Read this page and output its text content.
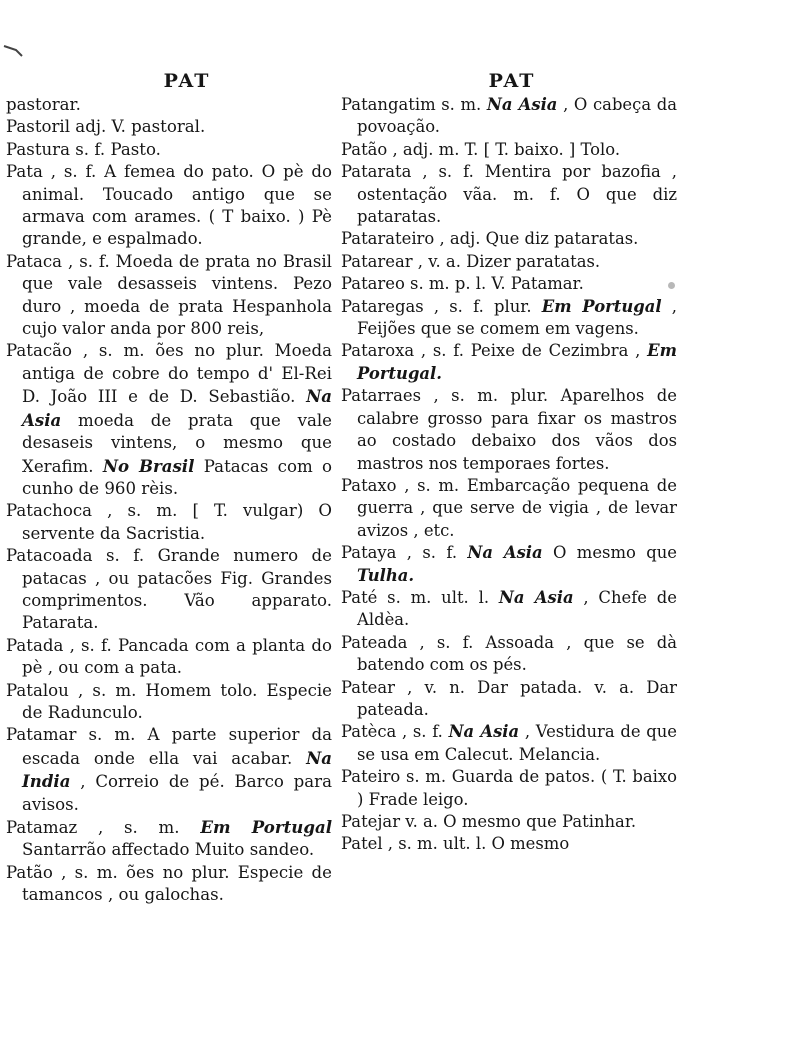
PAT

pastorar.

Pastoril adj. V. pastoral.

Pastura s. f. Pasto.

Pata , s. f. A femea do pato. O pè do animal. Toucado antigo que se armava com arames. ( T baixo. ) Pè grande, e espalmado.

Pataca , s. f. Moeda de prata no Brasil que vale desasseis vintens. Pezo duro , moeda de prata Hespanhola cujo valor anda por 800 reis,

Patacão , s. m. ões no plur. Moeda antiga de cobre do tempo d' El-Rei D. João III e de D. Sebastião. Na Asia moeda de prata que vale desaseis vintens, o mesmo que Xerafim. No Brasil Patacas com o cunho de 960 rèis.

Patachoca , s. m. [ T. vulgar) O servente da Sacristia.

Patacoada s. f. Grande numero de patacas , ou patacões Fig. Grandes comprimentos. Vão apparato. Patarata.

Patada , s. f. Pancada com a planta do pè , ou com a pata.

Patalou , s. m. Homem tolo. Especie de Radunculo.

Patamar s. m. A parte superior da escada onde ella vai acabar. Na India , Correio de pé. Barco para avisos.

Patamaz , s. m. Em Portugal Santarrão affectado Muito sandeo.

Patão , s. m. ões no plur. Especie de tamancos , ou galochas.

PAT

Patangatim s. m. Na Asia , O cabeça da povoação.

Patão , adj. m. T. [ T. baixo. ] Tolo.

Patarata , s. f. Mentira por bazofia , ostentação vãa. m. f. O que diz pataratas.

Patarateiro , adj. Que diz pataratas.

Patarear , v. a. Dizer paratatas.

Patareo s. m. p. l. V. Patamar.

Pataregas , s. f. plur. Em Portugal , Feijões que se comem em vagens.

Pataroxa , s. f. Peixe de Cezimbra , Em Portugal.

Patarraes , s. m. plur. Aparelhos de calabre grosso para fixar os mastros ao costado debaixo dos vãos dos mastros nos temporaes fortes.

Pataxo , s. m. Embarcação pequena de guerra , que serve de vigia , de levar avizos , etc.

Pataya , s. f. Na Asia O mesmo que Tulha.

Paté s. m. ult. l. Na Asia , Chefe de Aldèa.

Pateada , s. f. Assoada , que se dà batendo com os pés.

Patear , v. n. Dar patada. v. a. Dar pateada.

Patèca , s. f. Na Asia , Vestidura de que se usa em Calecut. Melancia.

Pateiro s. m. Guarda de patos. ( T. baixo ) Frade leigo.

Patejar v. a. O mesmo que Patinhar.

Patel , s. m. ult. l. O mesmo
